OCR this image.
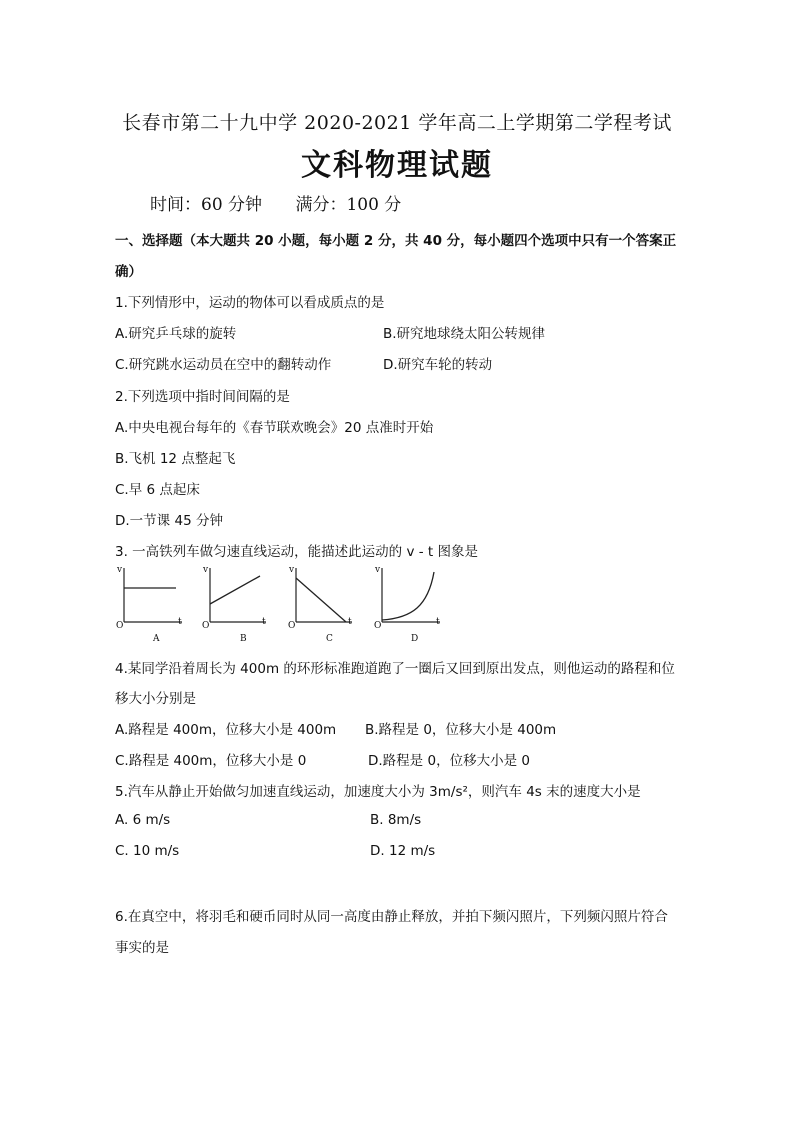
长春市第二十九中学 2020-2021 学年高二上学期第二学程考试
文科物理试题
时间：60 分钟 满分：100 分
一、选择题（本大题共 20 小题，每小题 2 分，共 40 分，每小题四个选项中只有一个答案正
确）
1.下列情形中，运动的物体可以看成质点的是
A.研究乒乓球的旋转	B.研究地球绕太阳公转规律
C.研究跳水运动员在空中的翻转动作	D.研究车轮的转动
2.下列选项中指时间间隔的是
A.中央电视台每年的《春节联欢晚会》20 点准时开始
B.飞机 12 点整起飞
C.早 6 点起床
D.一节课 45 分钟
3. 一高铁列车做匀速直线运动，能描述此运动的 v - t 图象是
v	v	v	v
O	O	O	O
t	t	t	t
A	B	C	D
4.某同学沿着周长为 400m 的环形标准跑道跑了一圈后又回到原出发点，则他运动的路程和位
移大小分别是
A.路程是 400m，位移大小是 400m B.路程是 0，位移大小是 400m
C.路程是 400m，位移大小是 0	D.路程是 0，位移大小是 0
5.汽车从静止开始做匀加速直线运动，加速度大小为 3m/s²，则汽车 4s 末的速度大小是
A. 6 m/s	B. 8m/s
C. 10 m/s	D. 12 m/s
6.在真空中，将羽毛和硬币同时从同一高度由静止释放，并拍下频闪照片，下列频闪照片符合
事实的是
